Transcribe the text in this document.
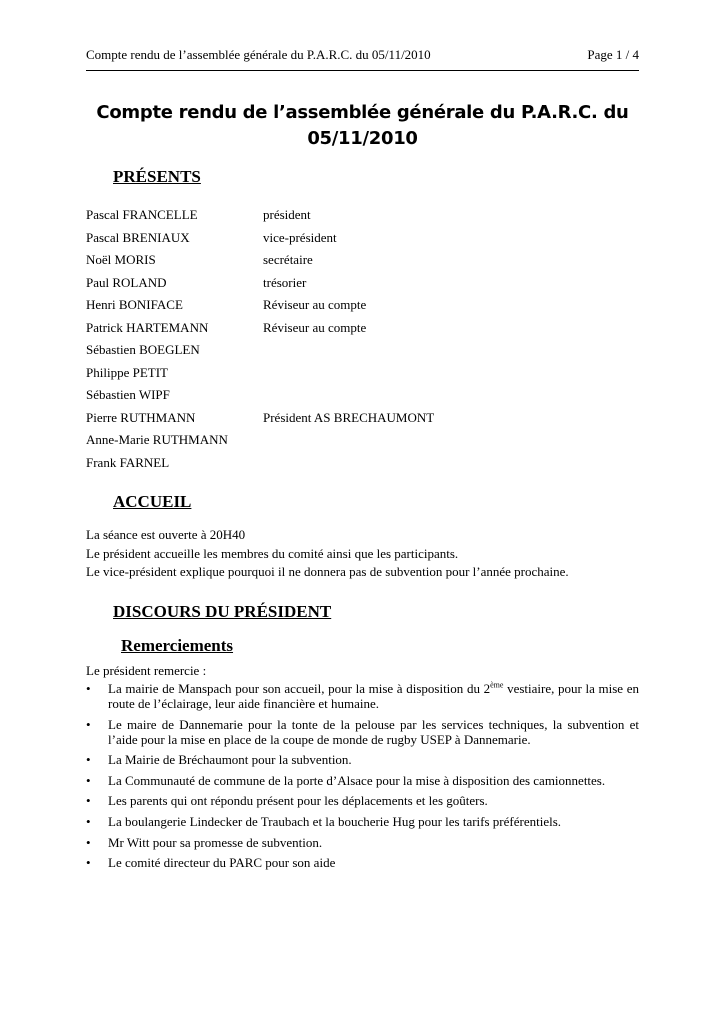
Compte rendu de l’assemblée générale du P.A.R.C. du 05/11/2010	Page 1 / 4
Compte rendu de l’assemblée générale du P.A.R.C. du
05/11/2010
PRÉSENTS
Pascal FRANCELLE	président
Pascal BRENIAUX	vice-président
Noël MORIS	secrétaire
Paul ROLAND	trésorier
Henri BONIFACE	Réviseur au compte
Patrick HARTEMANN	Réviseur au compte
Sébastien BOEGLEN
Philippe PETIT
Sébastien WIPF
Pierre RUTHMANN	Président AS BRECHAUMONT
Anne-Marie RUTHMANN
Frank FARNEL
ACCUEIL
La séance est ouverte à 20H40
Le président accueille les membres du comité ainsi que les participants.
Le vice-président explique pourquoi il ne donnera pas de subvention pour l’année prochaine.
DISCOURS DU PRÉSIDENT
Remerciements
Le président remercie :
•	La mairie de Manspach pour son accueil, pour la mise à disposition du 2ème vestiaire, pour la mise en route de l’éclairage, leur aide financière et humaine.
•	Le maire de Dannemarie pour la tonte de la pelouse par les services techniques, la subvention et l’aide pour la mise en place de la coupe de monde de rugby USEP à Dannemarie.
•	La Mairie de Bréchaumont pour la subvention.
•	La Communauté de commune de la porte d’Alsace pour la mise à disposition des camionnettes.
•	Les parents qui ont répondu présent pour les déplacements et les goûters.
•	La boulangerie Lindecker de Traubach et la boucherie Hug pour les tarifs préférentiels.
•	Mr Witt pour sa promesse de subvention.
•	Le comité directeur du PARC pour son aide
